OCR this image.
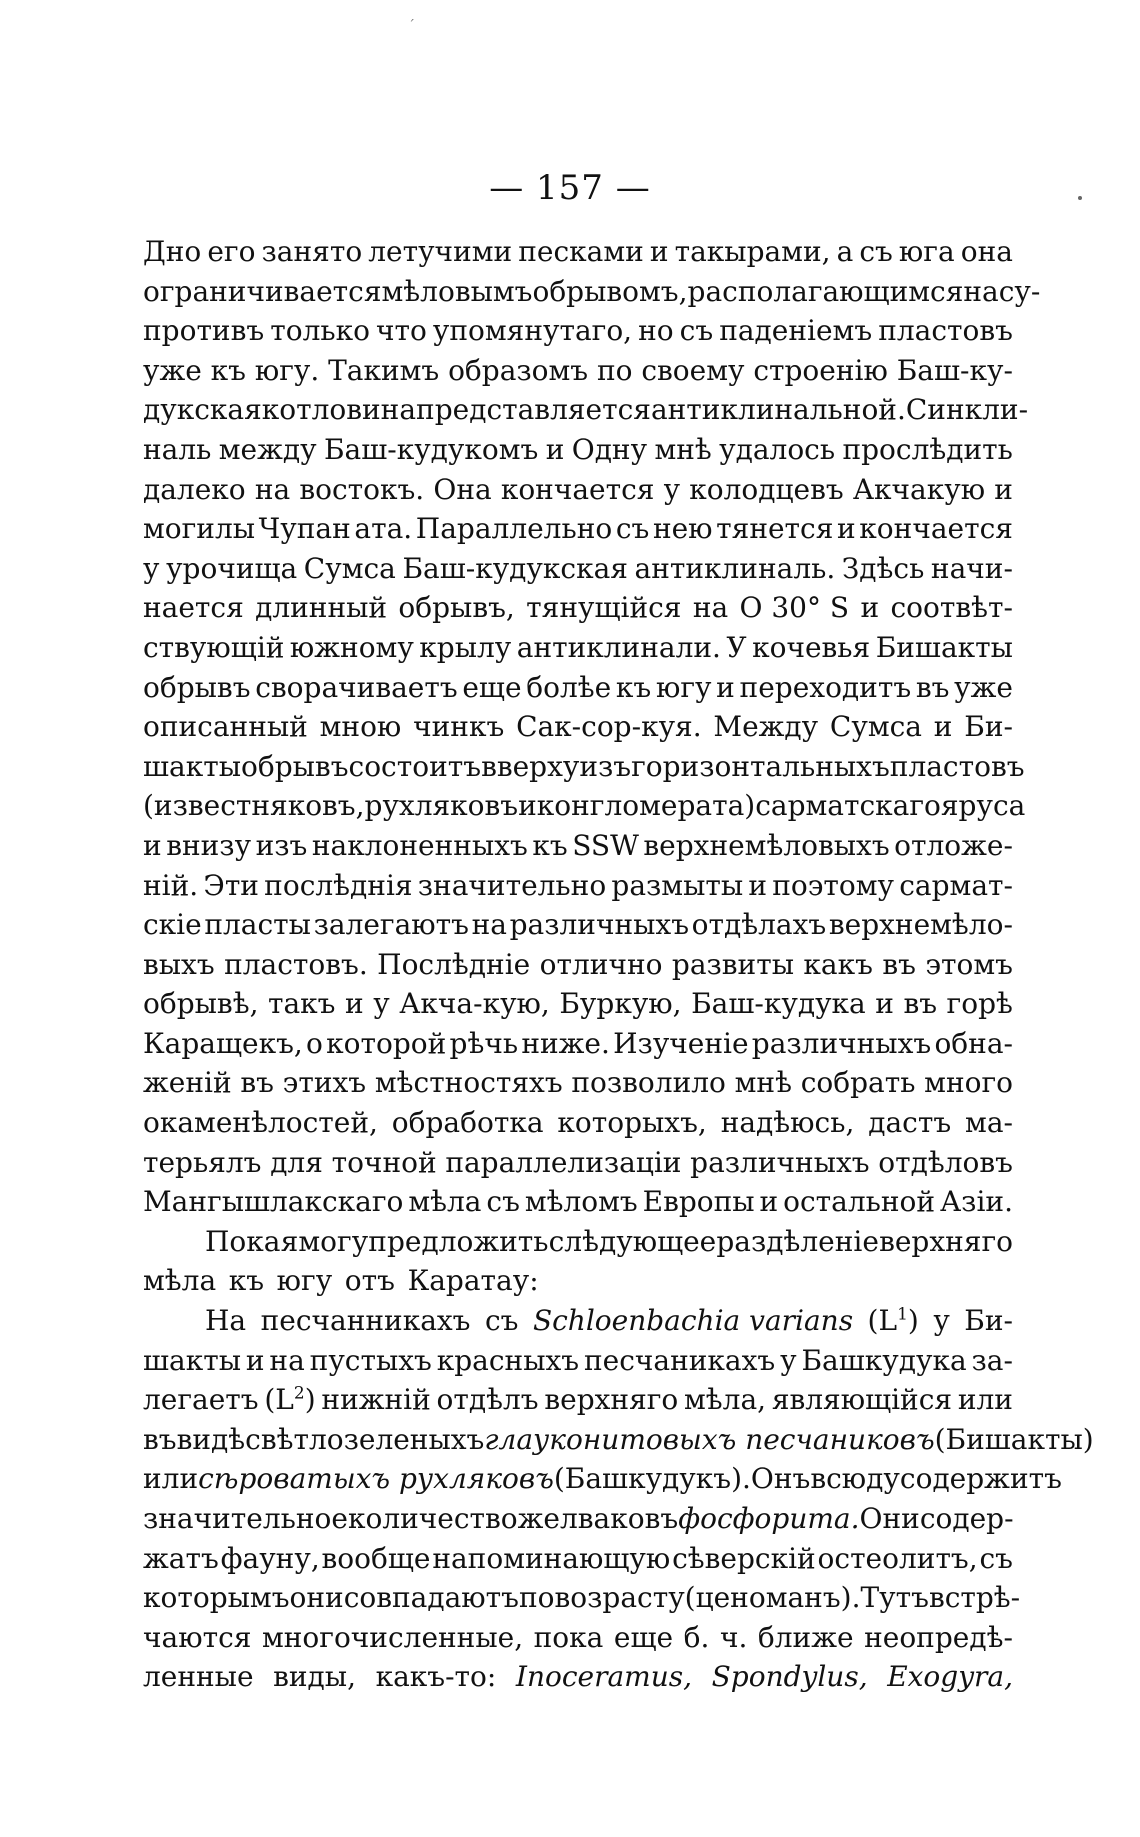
ˊ
— 157 —
Дно его занято летучими песками и такырами, а съ юга она
ограничивается мѣловымъ обрывомъ, располагающимся насу-
противъ только что упомянутаго, но съ паденіемъ пластовъ
уже къ югу. Такимъ образомъ по своему строенію Баш-ку-
дукская котловина представляется антиклинальной. Синкли-
наль между Баш-кудукомъ и Одну мнѣ удалось прослѣдить
далеко на востокъ. Она кончается у колодцевъ Акчакую и
могилы Чупан ата. Параллельно съ нею тянется и кончается
у урочища Сумса Баш-кудукская антиклиналь. Здѣсь начи-
нается длинный обрывъ, тянущійся на О 30° S и соотвѣт-
ствующій южному крылу антиклинали. У кочевья Бишакты
обрывъ сворачиваетъ еще болѣе къ югу и переходитъ въ уже
описанный мною чинкъ Сак-сор-куя. Между Сумса и Би-
шакты обрывъ состоитъ вверху изъ горизонтальныхъ пластовъ
(известняковъ, рухляковъ и конгломерата) сарматскаго яруса
и внизу изъ наклоненныхъ къ SSW верхнемѣловыхъ отложе-
ній. Эти послѣднія значительно размыты и поэтому сармат-
скіе пласты залегаютъ на различныхъ отдѣлахъ верхнемѣло-
выхъ пластовъ. Послѣдніе отлично развиты какъ въ этомъ
обрывѣ, такъ и у Акча-кую, Буркую, Баш-кудука и въ горѣ
Каращекъ, о которой рѣчь ниже. Изученіе различныхъ обна-
женій въ этихъ мѣстностяхъ позволило мнѣ собрать много
окаменѣлостей, обработка которыхъ, надѣюсь, дастъ ма-
терьялъ для точной параллелизаціи различныхъ отдѣловъ
Мангышлакскаго мѣла съ мѣломъ Европы и остальной Азіи.
Пока я могу предложить слѣдующее раздѣленіе верхняго
мѣла къ югу отъ Каратау:
На песчанникахъ съ Schloenbachia varians $(L^1)$ у Би-
шакты и на пустыхъ красныхъ песчаникахъ у Башкудука за-
легаетъ $(L^2)$ нижній отдѣлъ верхняго мѣла, являющійся или
въ видѣ свѣтлозеленыхъ глауконитовыхъ песчаниковъ (Бишакты)
или сѣроватыхъ рухляковъ (Башкудукъ). Онъ всюду содержитъ
значительное количество желваковъ фосфорита. Они содер-
жатъ фауну, вообще напоминающую сѣверскій остеолитъ, съ
которымъ они совпадаютъ по возрасту (ценоманъ). Тутъ встрѣ-
чаются многочисленные, пока еще б. ч. ближе неопредѣ-
ленные виды, какъ-то: Inoceramus, Spondylus, Exogyra,
